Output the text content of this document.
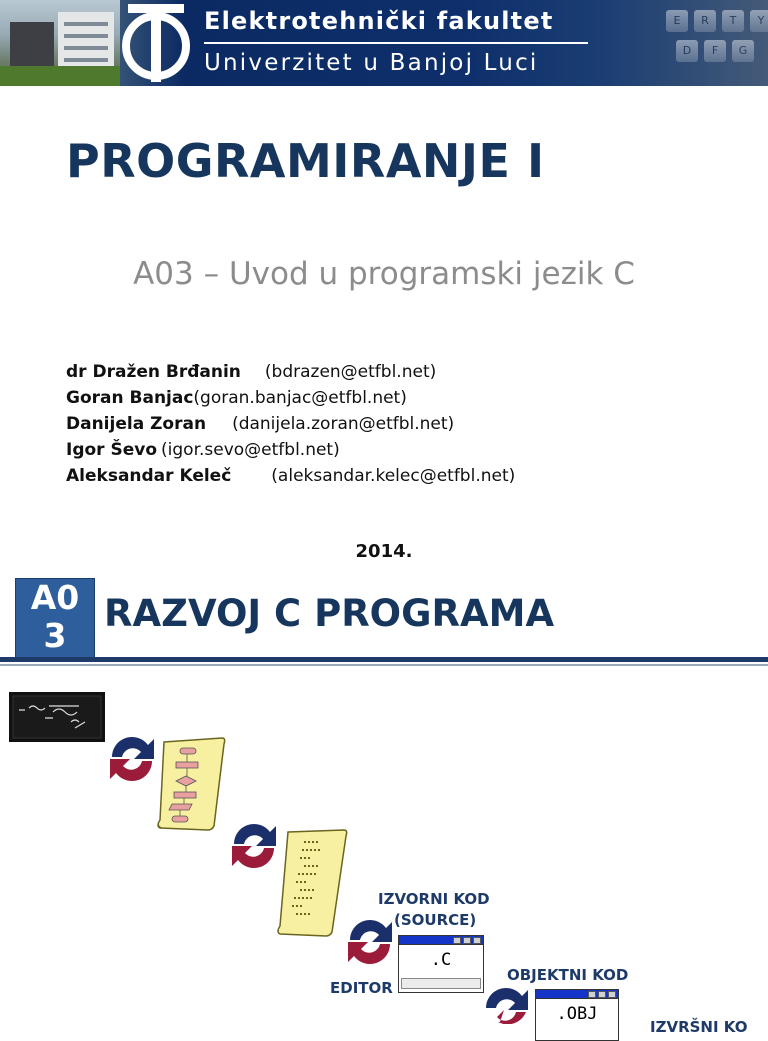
Elektrotehnički fakultet
Univerzitet u Banjoj Luci
E	R	T	Y
D	F	G
PROGRAMIRANJE I
A03 – Uvod u programski jezik C
dr Dražen Brđanin (bdrazen@etfbl.net)
Goran Banjac(goran.banjac@etfbl.net)
Danijela Zoran (danijela.zoran@etfbl.net)
Igor Ševo (igor.sevo@etfbl.net)
Aleksandar Keleč (aleksandar.kelec@etfbl.net)
2014.
A0 3
RAZVOJ C PROGRAMA
IZVORNI KOD
(SOURCE)
EDITOR
OBJEKTNI KOD
IZVRŠNI KO
.C
.OBJ
